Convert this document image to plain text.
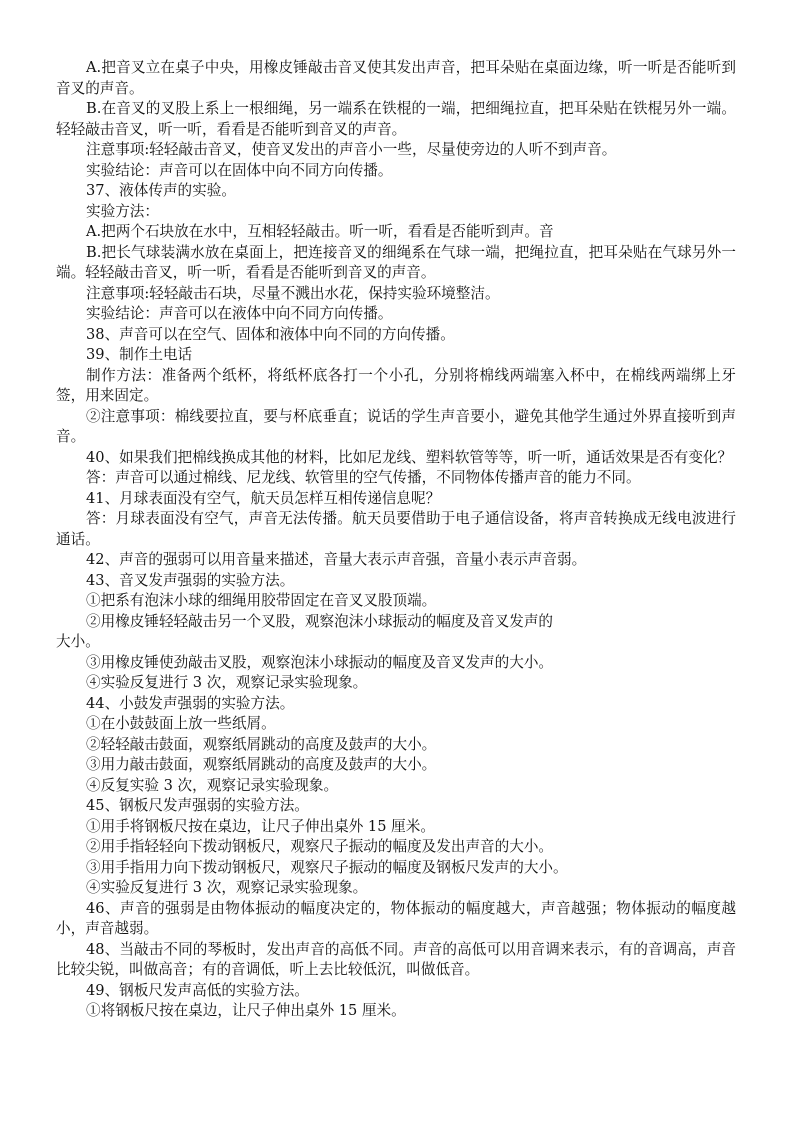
A.把音叉立在桌子中央，用橡皮锤敲击音叉使其发出声音，把耳朵贴在桌面边缘，听一听是否能听到音叉的声音。

B.在音叉的叉股上系上一根细绳，另一端系在铁棍的一端，把细绳拉直，把耳朵贴在铁棍另外一端。轻轻敲击音叉，听一听，看看是否能听到音叉的声音。

注意事项:轻轻敲击音叉，使音叉发出的声音小一些，尽量使旁边的人听不到声音。

实验结论：声音可以在固体中向不同方向传播。

37、液体传声的实验。

实验方法：

A.把两个石块放在水中，互相轻轻敲击。听一听，看看是否能听到声。音

B.把长气球装满水放在桌面上，把连接音叉的细绳系在气球一端，把绳拉直，把耳朵贴在气球另外一端。轻轻敲击音叉，听一听，看看是否能听到音叉的声音。

注意事项:轻轻敲击石块，尽量不溅出水花，保持实验环境整洁。

实验结论：声音可以在液体中向不同方向传播。

38、声音可以在空气、固体和液体中向不同的方向传播。

39、制作土电话

制作方法：准备两个纸杯，将纸杯底各打一个小孔，分别将棉线两端塞入杯中，在棉线两端绑上牙签，用来固定。

②注意事项：棉线要拉直，要与杯底垂直；说话的学生声音要小，避免其他学生通过外界直接听到声音。

40、如果我们把棉线换成其他的材料，比如尼龙线、塑料软管等等，听一听，通话效果是否有变化？

答：声音可以通过棉线、尼龙线、软管里的空气传播，不同物体传播声音的能力不同。

41、月球表面没有空气，航天员怎样互相传递信息呢？

答：月球表面没有空气，声音无法传播。航天员要借助于电子通信设备，将声音转换成无线电波进行通话。

42、声音的强弱可以用音量来描述，音量大表示声音强，音量小表示声音弱。

43、音叉发声强弱的实验方法。

①把系有泡沫小球的细绳用胶带固定在音叉叉股顶端。

②用橡皮锤轻轻敲击另一个叉股，观察泡沫小球振动的幅度及音叉发声的

大小。

③用橡皮锤使劲敲击叉股，观察泡沫小球振动的幅度及音叉发声的大小。

④实验反复进行 3 次，观察记录实验现象。

44、小鼓发声强弱的实验方法。

①在小鼓鼓面上放一些纸屑。

②轻轻敲击鼓面，观察纸屑跳动的高度及鼓声的大小。

③用力敲击鼓面，观察纸屑跳动的高度及鼓声的大小。

④反复实验 3 次，观察记录实验现象。

45、钢板尺发声强弱的实验方法。

①用手将钢板尺按在桌边，让尺子伸出桌外 15 厘米。

②用手指轻轻向下拨动钢板尺，观察尺子振动的幅度及发出声音的大小。

③用手指用力向下拨动钢板尺，观察尺子振动的幅度及钢板尺发声的大小。

④实验反复进行 3 次，观察记录实验现象。

46、声音的强弱是由物体振动的幅度决定的，物体振动的幅度越大，声音越强；物体振动的幅度越小，声音越弱。

48、当敲击不同的琴板时，发出声音的高低不同。声音的高低可以用音调来表示，有的音调高，声音比较尖锐，叫做高音；有的音调低，听上去比较低沉，叫做低音。

49、钢板尺发声高低的实验方法。

①将钢板尺按在桌边，让尺子伸出桌外 15 厘米。
